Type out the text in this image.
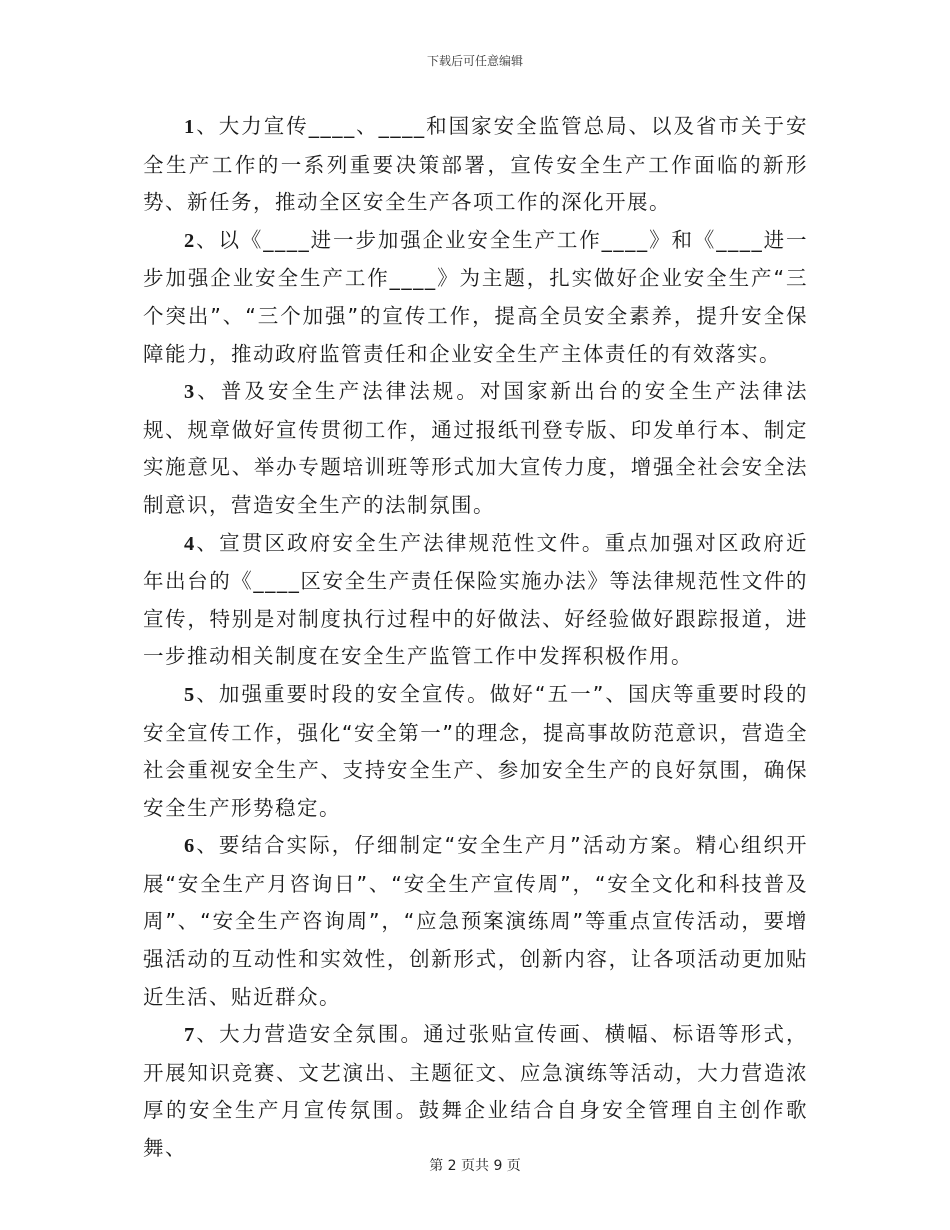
下载后可任意编辑

1、大力宣传____、____和国家安全监管总局、以及省市关于安全生产工作的一系列重要决策部署，宣传安全生产工作面临的新形势、新任务，推动全区安全生产各项工作的深化开展。

2、以《____进一步加强企业安全生产工作____》和《____进一步加强企业安全生产工作____》为主题，扎实做好企业安全生产“三个突出”、“三个加强”的宣传工作，提高全员安全素养，提升安全保障能力，推动政府监管责任和企业安全生产主体责任的有效落实。

3、普及安全生产法律法规。对国家新出台的安全生产法律法规、规章做好宣传贯彻工作，通过报纸刊登专版、印发单行本、制定实施意见、举办专题培训班等形式加大宣传力度，增强全社会安全法制意识，营造安全生产的法制氛围。

4、宣贯区政府安全生产法律规范性文件。重点加强对区政府近年出台的《____区安全生产责任保险实施办法》等法律规范性文件的宣传，特别是对制度执行过程中的好做法、好经验做好跟踪报道，进一步推动相关制度在安全生产监管工作中发挥积极作用。

5、加强重要时段的安全宣传。做好“五一”、国庆等重要时段的安全宣传工作，强化“安全第一”的理念，提高事故防范意识，营造全社会重视安全生产、支持安全生产、参加安全生产的良好氛围，确保安全生产形势稳定。

6、要结合实际，仔细制定“安全生产月”活动方案。精心组织开展“安全生产月咨询日”、“安全生产宣传周”，“安全文化和科技普及周”、“安全生产咨询周”，“应急预案演练周”等重点宣传活动，要增强活动的互动性和实效性，创新形式，创新内容，让各项活动更加贴近生活、贴近群众。

7、大力营造安全氛围。通过张贴宣传画、横幅、标语等形式，开展知识竞赛、文艺演出、主题征文、应急演练等活动，大力营造浓厚的安全生产月宣传氛围。鼓舞企业结合自身安全管理自主创作歌舞、

第 2 页共 9 页
